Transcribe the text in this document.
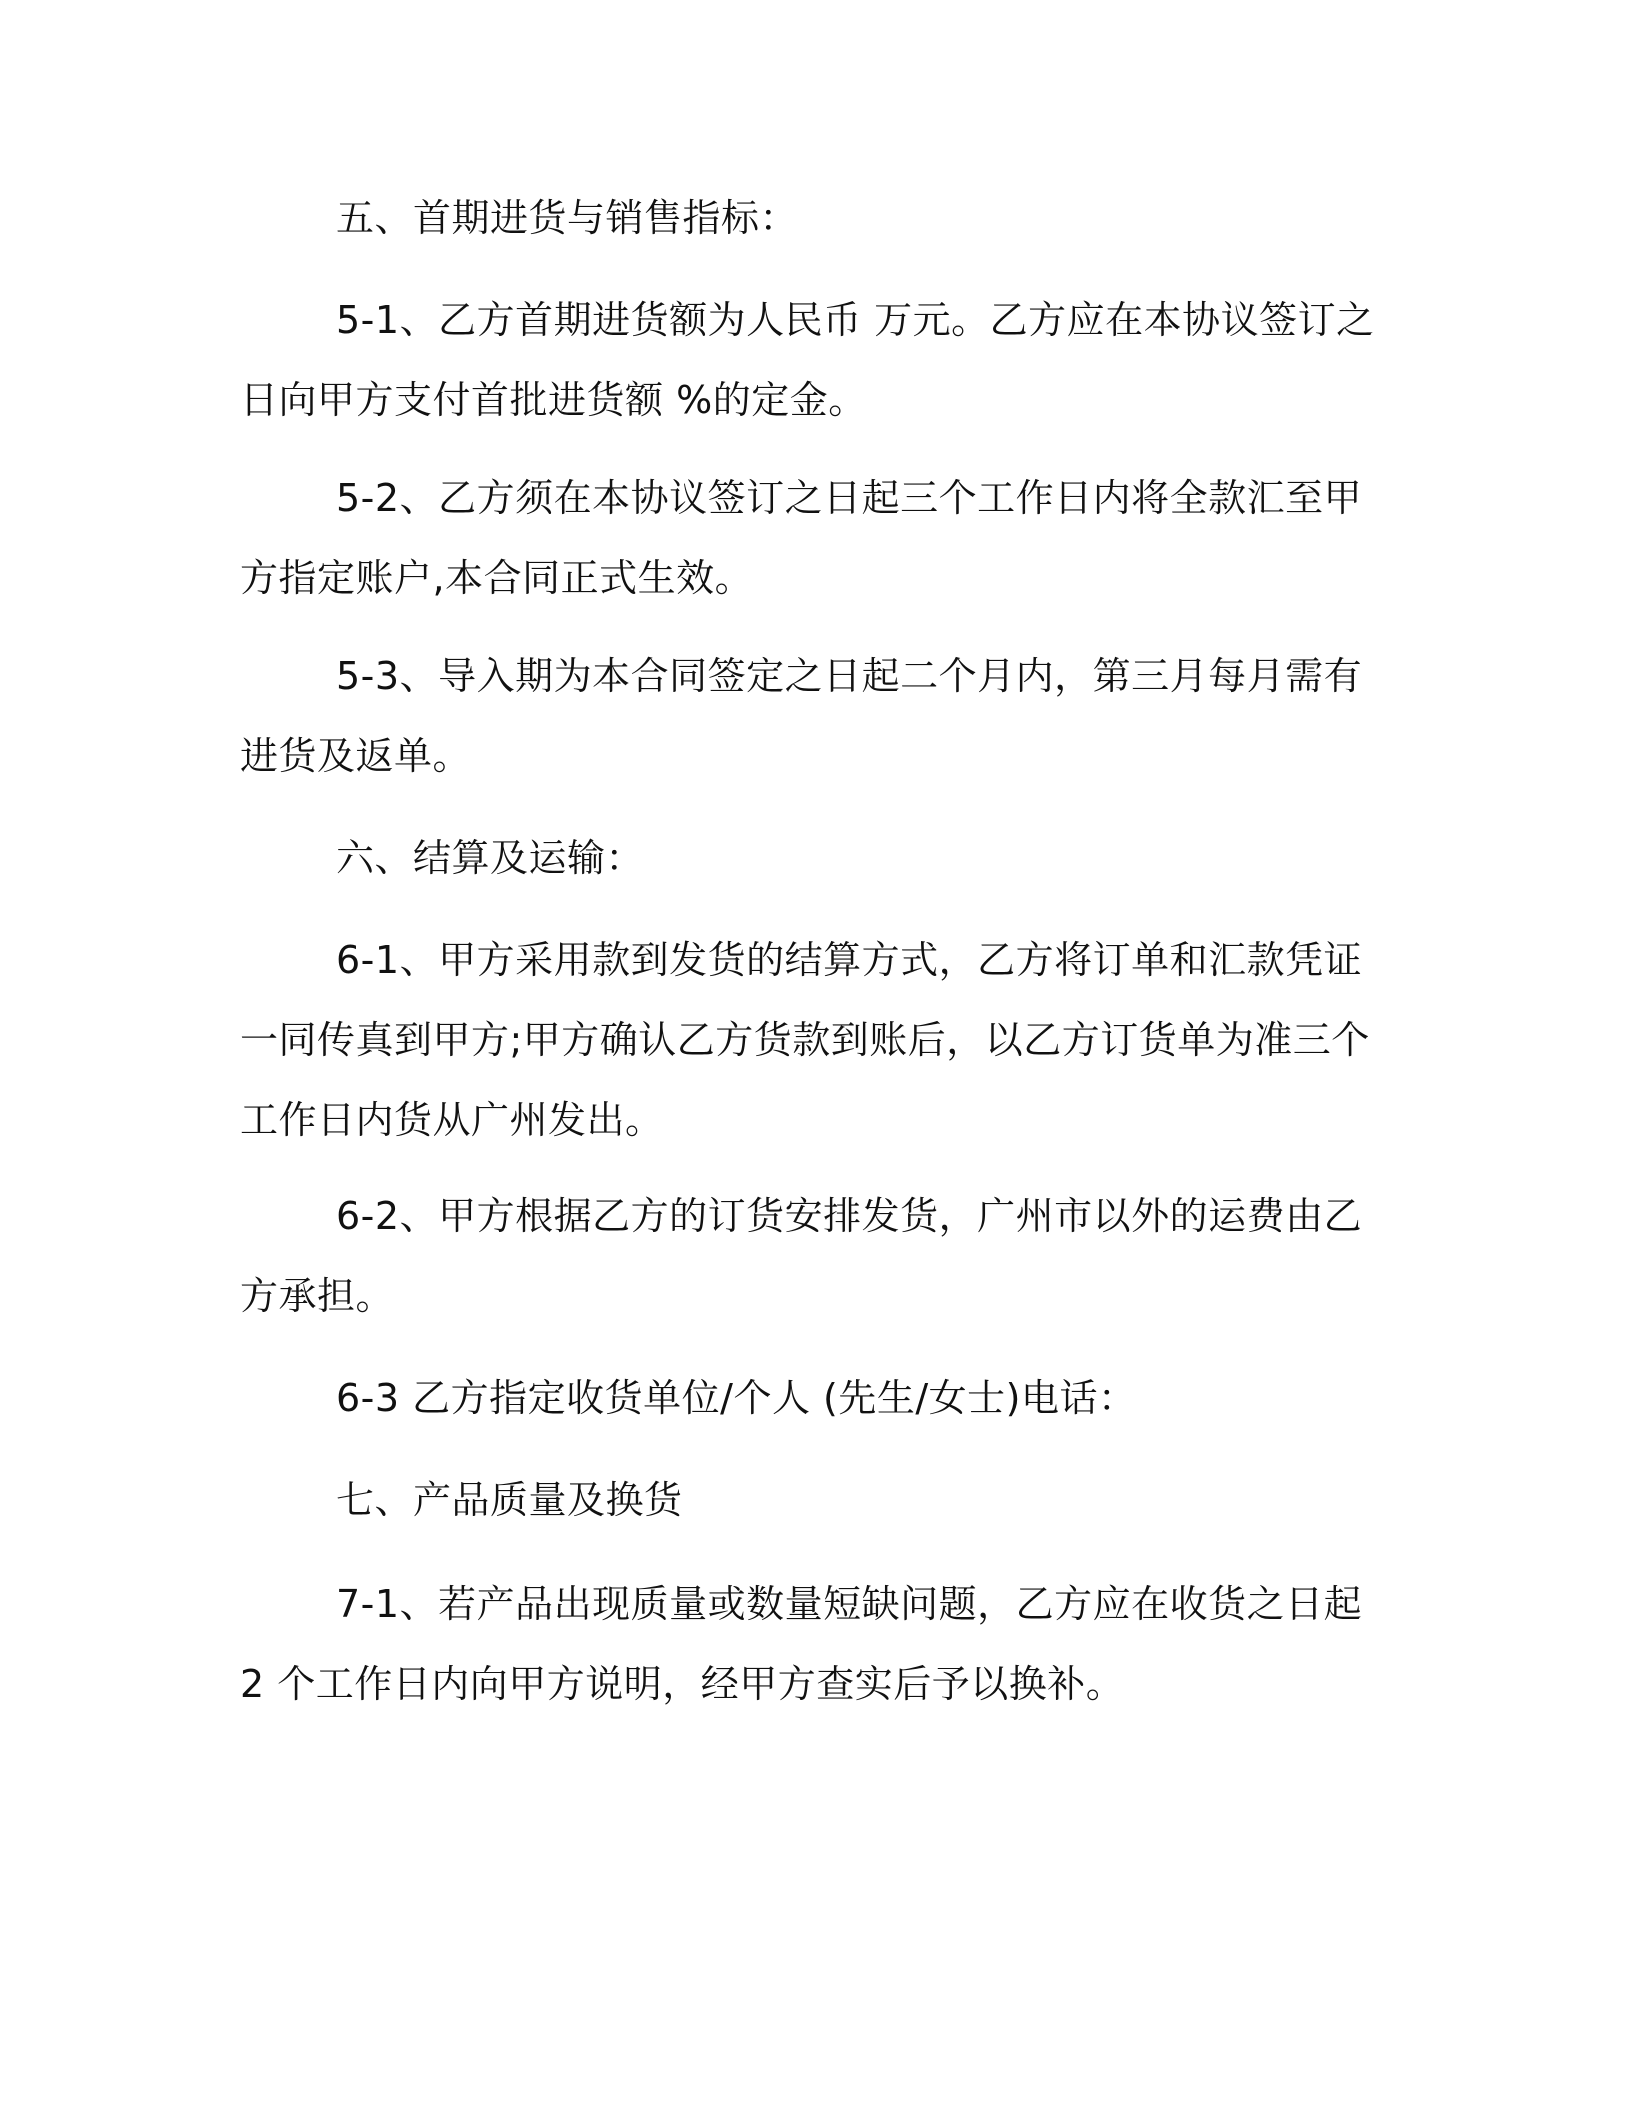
五、首期进货与销售指标：

5-1、乙方首期进货额为人民币 万元。乙方应在本协议签订之日向甲方支付首批进货额 %的定金。

5-2、乙方须在本协议签订之日起三个工作日内将全款汇至甲方指定账户,本合同正式生效。

5-3、导入期为本合同签定之日起二个月内，第三月每月需有进货及返单。

六、结算及运输：

6-1、甲方采用款到发货的结算方式，乙方将订单和汇款凭证一同传真到甲方;甲方确认乙方货款到账后，以乙方订货单为准三个工作日内货从广州发出。

6-2、甲方根据乙方的订货安排发货，广州市以外的运费由乙方承担。

6-3 乙方指定收货单位/个人 (先生/女士)电话：

七、产品质量及换货

7-1、若产品出现质量或数量短缺问题，乙方应在收货之日起 2 个工作日内向甲方说明，经甲方查实后予以换补。
